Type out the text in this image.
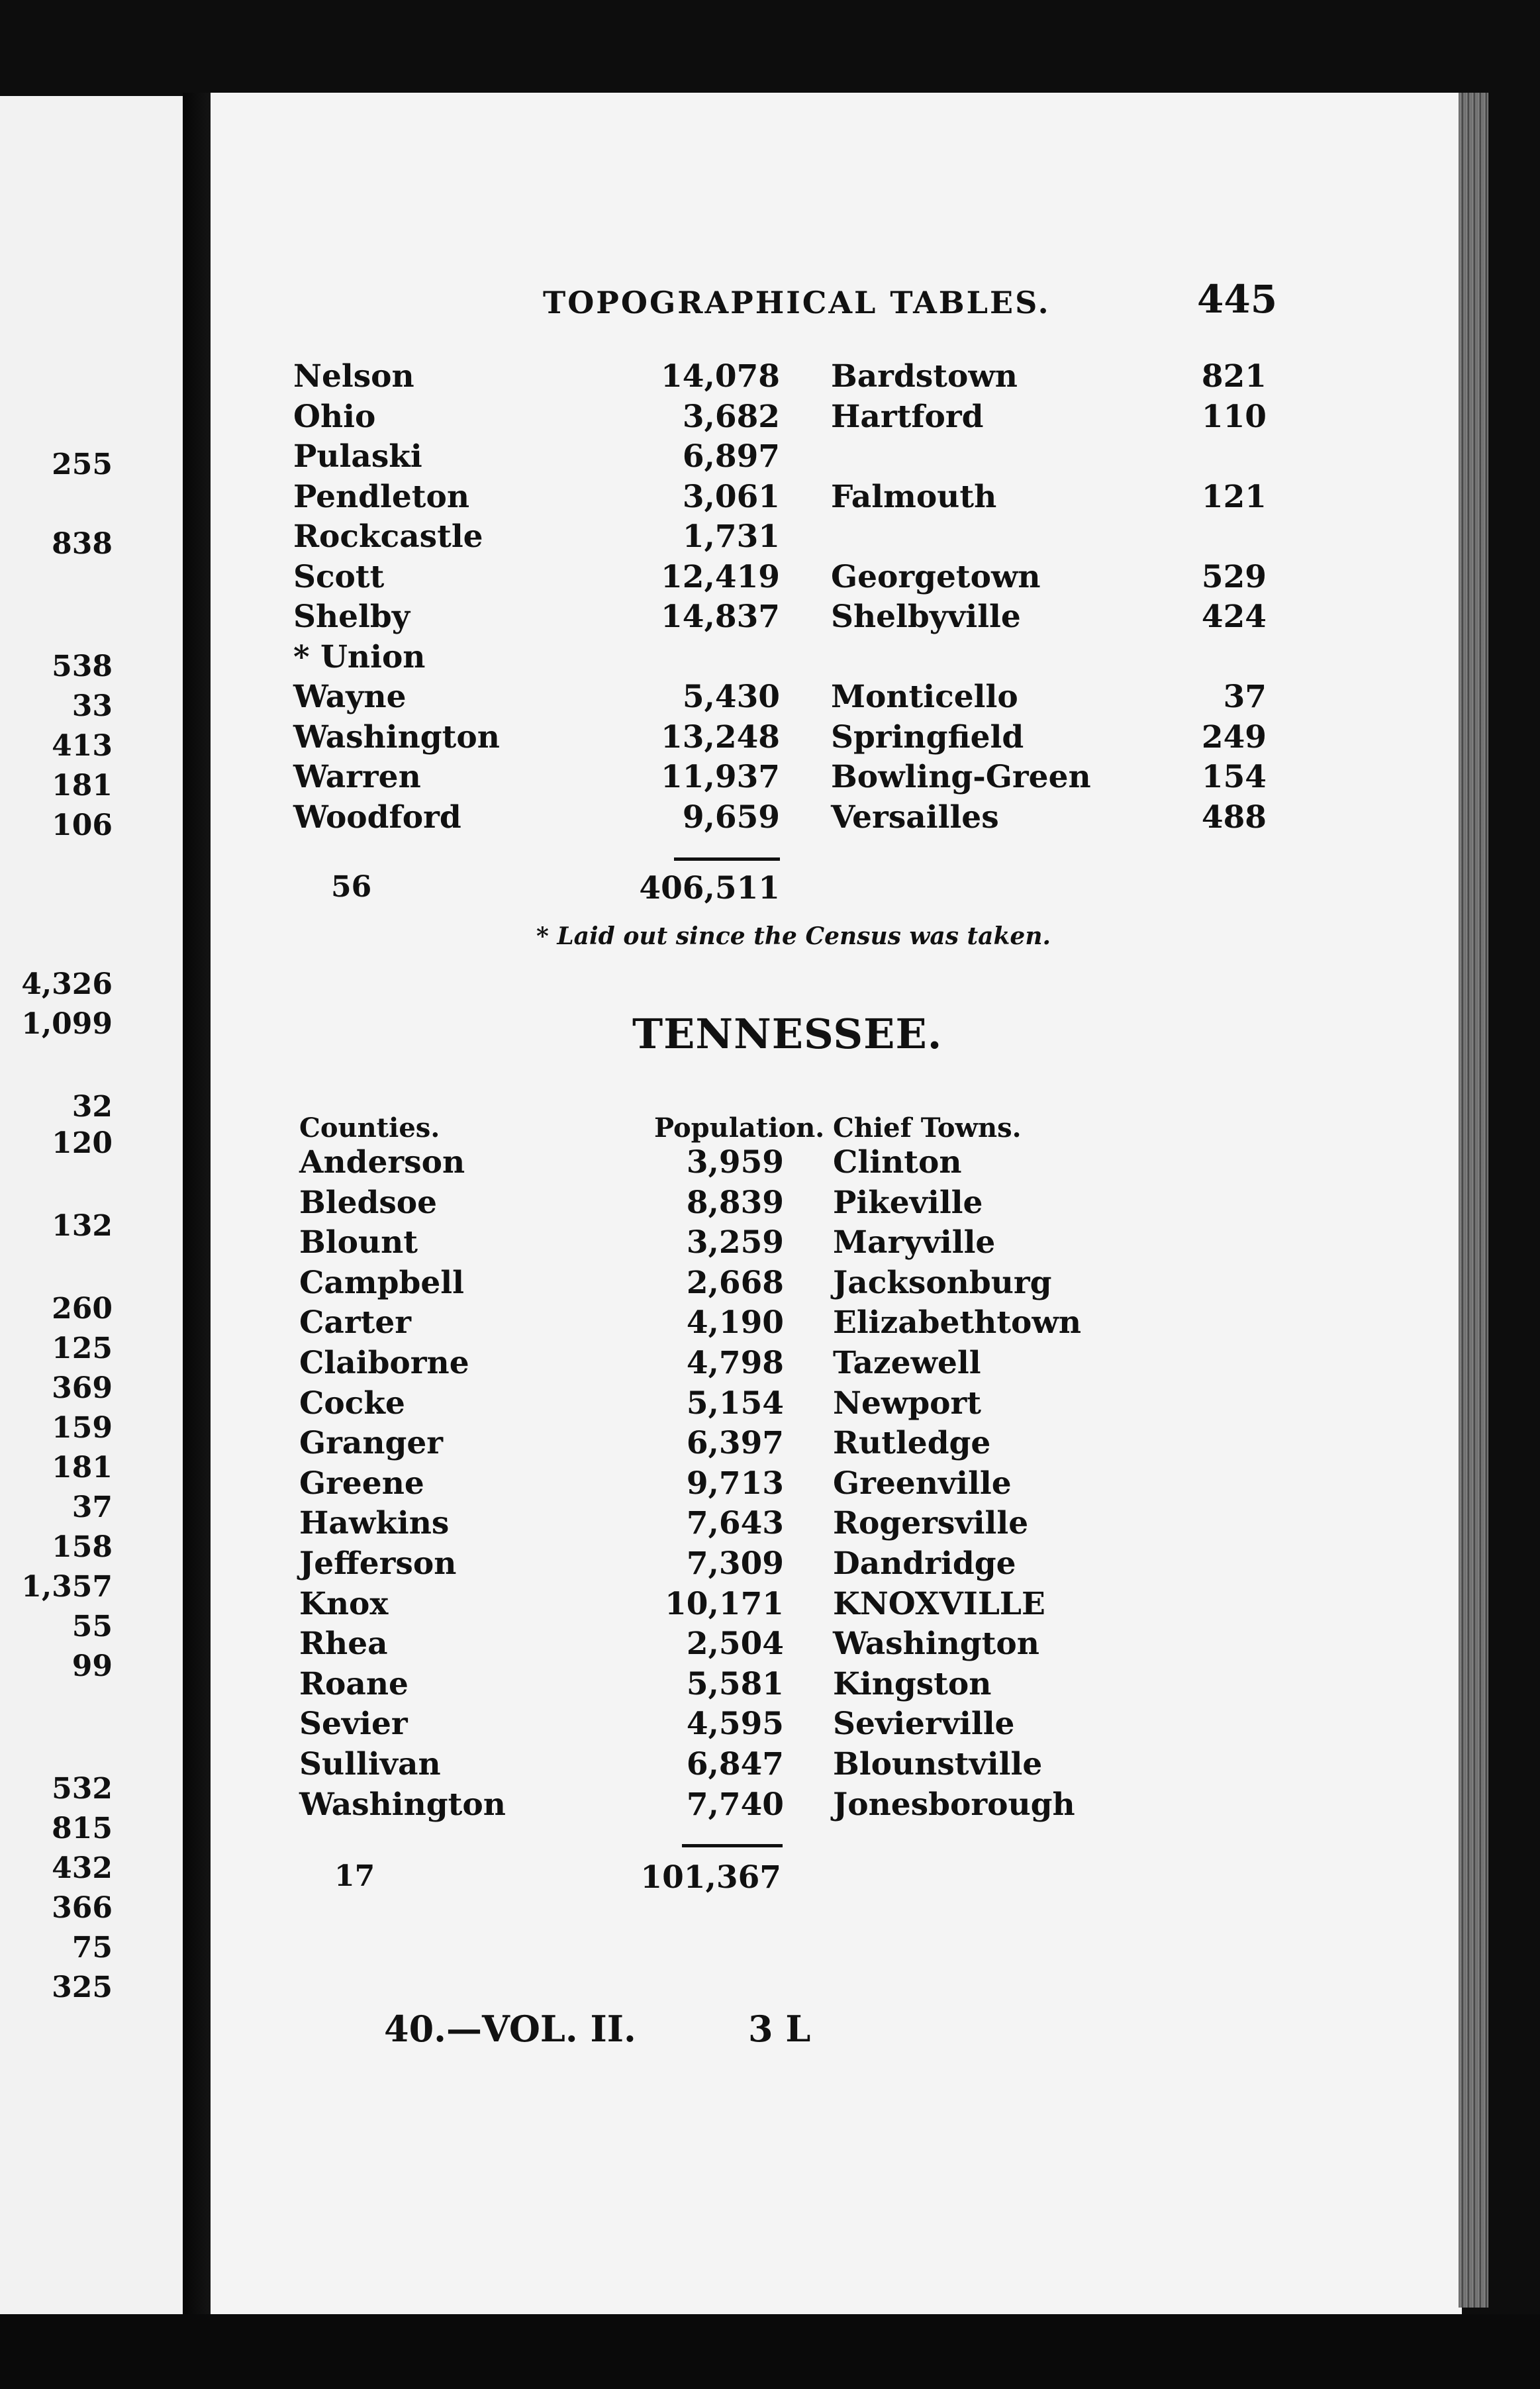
255
838
538
33
413
181
106
4,326
1,099
32
120
132
260
125
369
159
181
37
158
1,357
55
99
532
815
432
366
75
325
TOPOGRAPHICAL TABLES.	445
Nelson	14,078 Bardstown	821
Ohio	3,682 Hartford	110
Pulaski	6,897
Pendleton	3,061 Falmouth	121
Rockcastle	1,731
Scott	12,419 Georgetown	529
Shelby	14,837 Shelbyville	424
* Union
Wayne	5,430 Monticello	37
Washington	13,248 Springfield	249
Warren	11,937 Bowling-Green	154
Woodford	9,659 Versailles	488
56	406,511
* Laid out since the Census was taken.
TENNESSEE.
Counties.	Population. Chief Towns.
Anderson	3,959 Clinton
Bledsoe	8,839 Pikeville
Blount	3,259 Maryville
Campbell	2,668 Jacksonburg
Carter	4,190 Elizabethtown
Claiborne	4,798 Tazewell
Cocke	5,154 Newport
Granger	6,397 Rutledge
Greene	9,713 Greenville
Hawkins	7,643 Rogersville
Jefferson	7,309 Dandridge
Knox	10,171 KNOXVILLE
Rhea	2,504 Washington
Roane	5,581 Kingston
Sevier	4,595 Sevierville
Sullivan	6,847 Blounstville
Washington	7,740 Jonesborough
17	101,367
40.—VOL. II.	3 L
